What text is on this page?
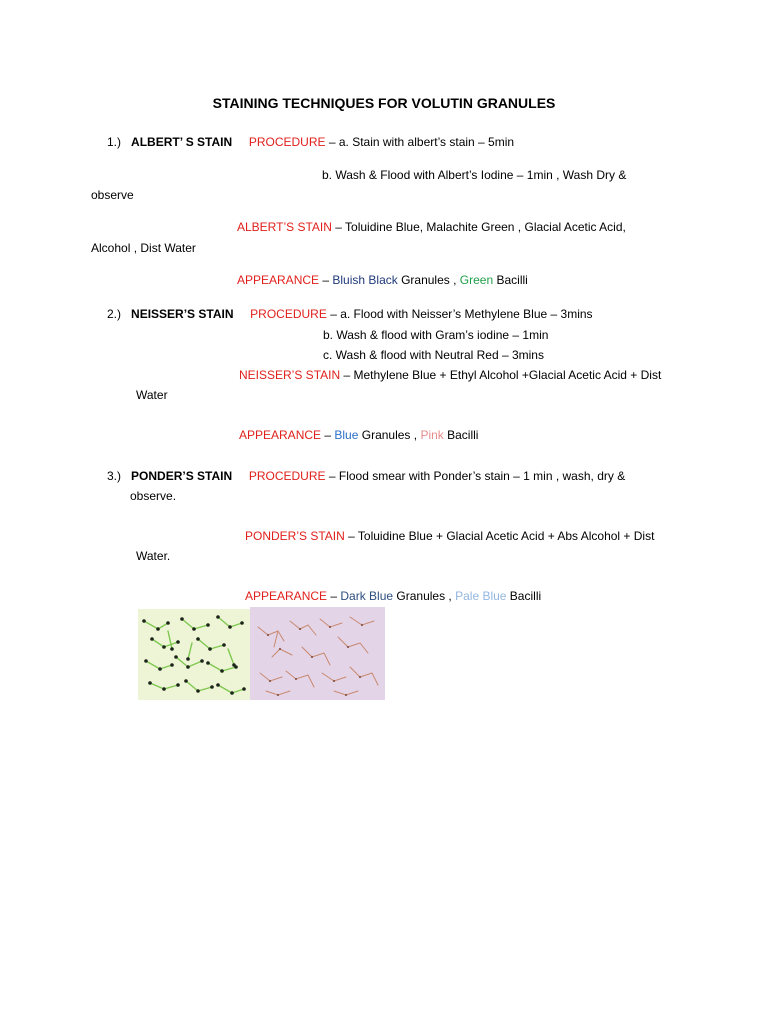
STAINING TECHNIQUES FOR VOLUTIN GRANULES
1.) ALBERT’ S STAIN PROCEDURE – a. Stain with albert’s stain – 5min
b. Wash & Flood with Albert’s Iodine – 1min , Wash Dry &
observe
ALBERT’S STAIN – Toluidine Blue, Malachite Green , Glacial Acetic Acid,
Alcohol , Dist Water
APPEARANCE – Bluish Black Granules , Green Bacilli
2.) NEISSER’S STAIN PROCEDURE – a. Flood with Neisser’s Methylene Blue – 3mins
b. Wash & flood with Gram’s iodine – 1min
c. Wash & flood with Neutral Red – 3mins
NEISSER’S STAIN – Methylene Blue + Ethyl Alcohol +Glacial Acetic Acid + Dist
Water
APPEARANCE – Blue Granules , Pink Bacilli
3.) PONDER’S STAIN PROCEDURE – Flood smear with Ponder’s stain – 1 min , wash, dry &
observe.
PONDER’S STAIN – Toluidine Blue + Glacial Acetic Acid + Abs Alcohol + Dist
Water.
APPEARANCE – Dark Blue Granules , Pale Blue Bacilli
